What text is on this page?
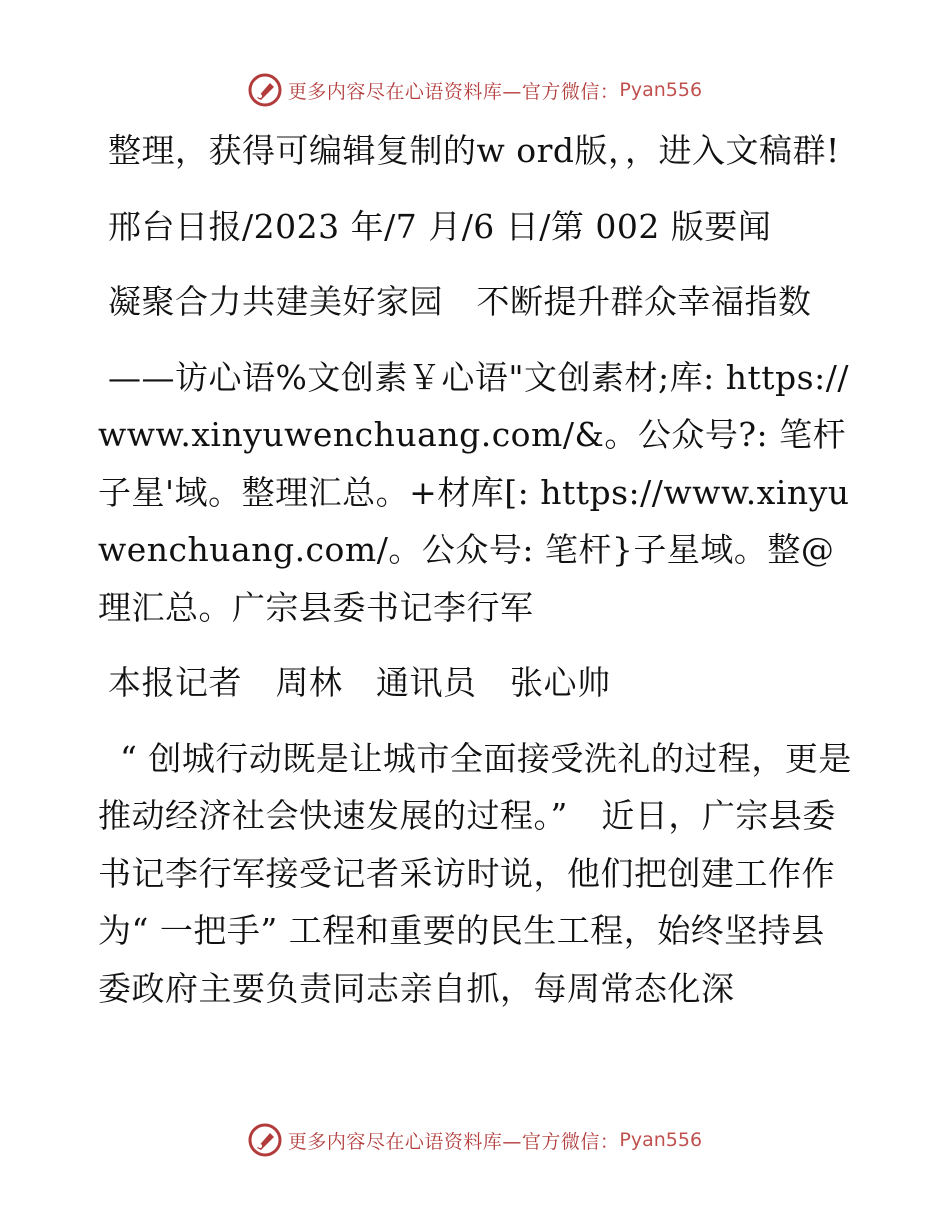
更多内容尽在心语资料库—官方微信： Pyan556
整理，获得可编辑复制的w ord版，，进入文稿群!
邢台日报/2023 年/7 月/6 日/第 002 版要闻
凝聚合力共建美好家园　不断提升群众幸福指数
——访心语%文创素￥心语"文创素材;库: https://www.xinyuwenchuang.com/&。公众号?: 笔杆子星'域。整理汇总。+材库[: https://www.xinyuwenchuang.com/。公众号: 笔杆}子星域。整@理汇总。广宗县委书记李行军
本报记者　周林　通讯员　张心帅
“ 创城行动既是让城市全面接受洗礼的过程，更是推动经济社会快速发展的过程。”　近日，广宗县委书记李行军接受记者采访时说，他们把创建工作作为“ 一把手” 工程和重要的民生工程，始终坚持县委政府主要负责同志亲自抓，每周常态化深
更多内容尽在心语资料库—官方微信： Pyan556
